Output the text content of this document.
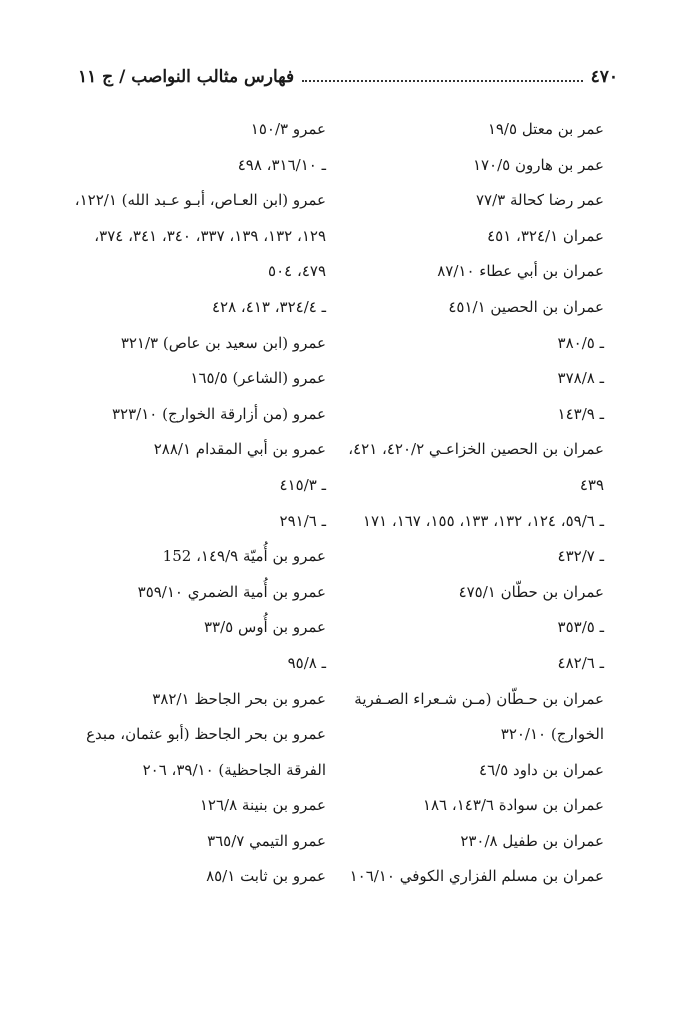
٤٧٠
فهارس مثالب النواصب / ج ١١
عمر بن معتل ١٩/٥
عمر بن هارون ١٧٠/٥
عمر رضا كحالة ٧٧/٣
عمران ٣٢٤/١، ٤٥١
عمران بن أبي عطاء ٨٧/١٠
عمران بن الحصين ٤٥١/١
ـ ٣٨٠/٥
ـ ٣٧٨/٨
ـ ١٤٣/٩
عمران بن الحصين الخزاعـي ٤٢٠/٢، ٤٢١،
٤٣٩
ـ ٥٩/٦، ١٢٤، ١٣٢، ١٣٣، ١٥٥، ١٦٧، ١٧١
ـ ٤٣٢/٧
عمران بن حطّان ٤٧٥/١
ـ ٣٥٣/٥
ـ ٤٨٢/٦
عمران بن حـطّان (مـن شـعراء الصـفرية
الخوارج) ٣٢٠/١٠
عمران بن داود ٤٦/٥
عمران بن سوادة ١٤٣/٦، ١٨٦
عمران بن طفيل ٢٣٠/٨
عمران بن مسلم الفزاري الكوفي ١٠٦/١٠
عمرو ١٥٠/٣
ـ ٣١٦/١٠، ٤٩٨
عمرو (ابن العـاص، أبـو عـبد الله) ١٢٢/١،
١٢٩، ١٣٢، ١٣٩، ٣٣٧، ٣٤٠، ٣٤١، ٣٧٤،
٤٧٩، ٥٠٤
ـ ٣٢٤/٤، ٤١٣، ٤٢٨
عمرو (ابن سعيد بن عاص) ٣٢١/٣
عمرو (الشاعر) ١٦٥/٥
عمرو (من أزارقة الخوارج) ٣٢٣/١٠
عمرو بن أبي المقدام ٢٨٨/١
ـ ٤١٥/٣
ـ ٢٩١/٦
عمرو بن أُميّة ١٤٩/٩، 152
عمرو بن أُمية الضمري ٣٥٩/١٠
عمرو بن أُوس ٣٣/٥
ـ ٩٥/٨
عمرو بن بحر الجاحظ ٣٨٢/١
عمرو بن بحر الجاحظ (أبو عثمان، مبدع
الفرقة الجاحظية) ٣٩/١٠، ٢٠٦
عمرو بن بنينة ١٢٦/٨
عمرو التيمي ٣٦٥/٧
عمرو بن ثابت ٨٥/١
